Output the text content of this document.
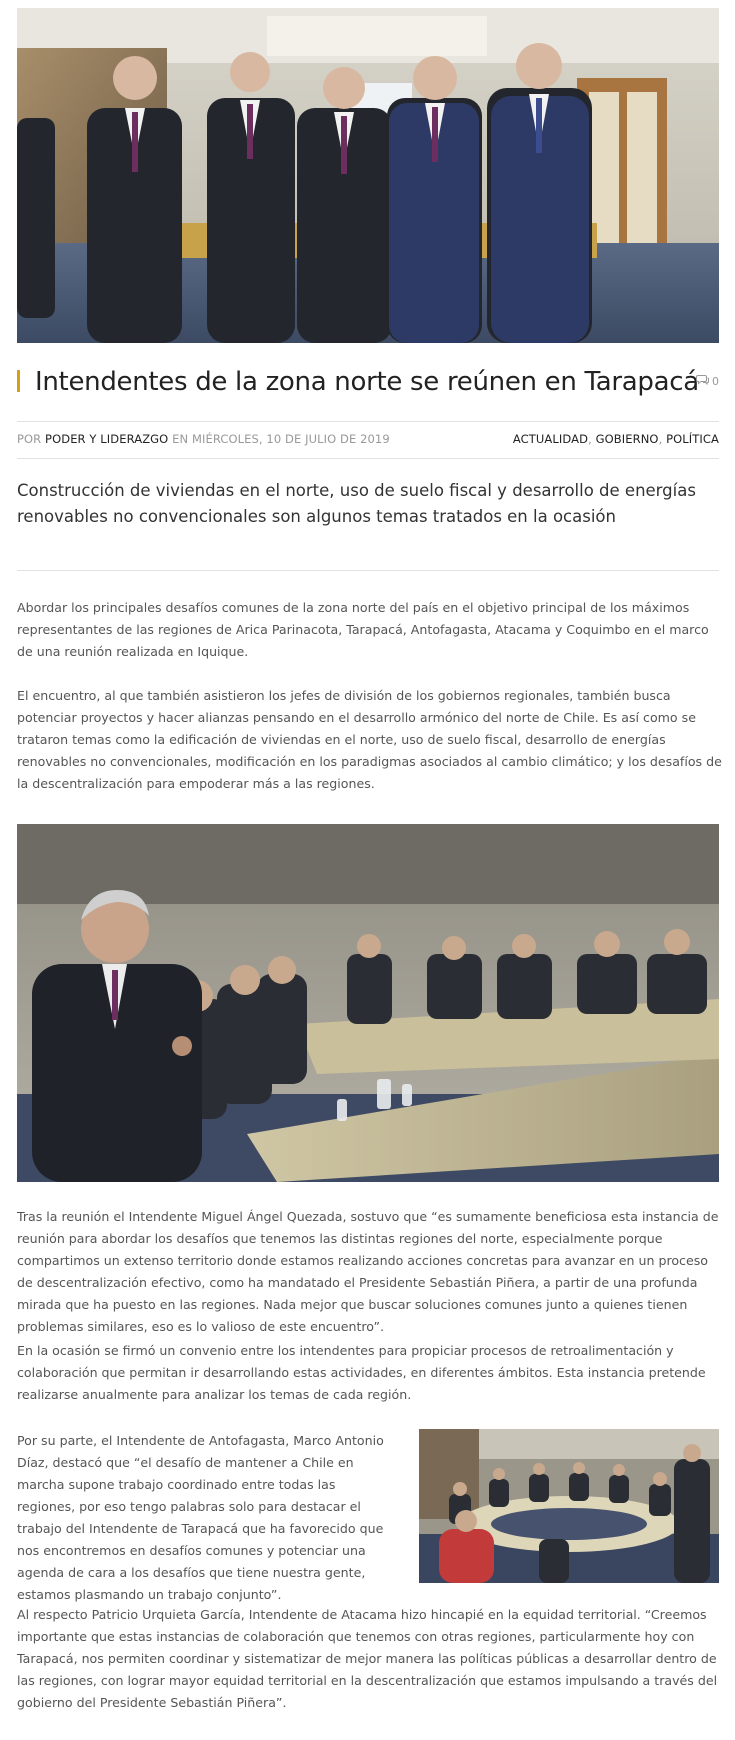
Intendentes de la zona norte se reúnen en Tarapacá 0
POR PODER Y LIDERAZGO EN MIÉRCOLES, 10 DE JULIO DE 2019	ACTUALIDAD, GOBIERNO, POLÍTICA

Construcción de viviendas en el norte, uso de suelo fiscal y desarrollo de energías renovables no convencionales son algunos temas tratados en la ocasión

Abordar los principales desafíos comunes de la zona norte del país en el objetivo principal de los máximos representantes de las regiones de Arica Parinacota, Tarapacá, Antofagasta, Atacama y Coquimbo en el marco de una reunión realizada en Iquique.

El encuentro, al que también asistieron los jefes de división de los gobiernos regionales, también busca potenciar proyectos y hacer alianzas pensando en el desarrollo armónico del norte de Chile. Es así como se trataron temas como la edificación de viviendas en el norte, uso de suelo fiscal, desarrollo de energías renovables no convencionales, modificación en los paradigmas asociados al cambio climático; y los desafíos de la descentralización para empoderar más a las regiones.

Tras la reunión el Intendente Miguel Ángel Quezada, sostuvo que “es sumamente beneficiosa esta instancia de reunión para abordar los desafíos que tenemos las distintas regiones del norte, especialmente porque compartimos un extenso territorio donde estamos realizando acciones concretas para avanzar en un proceso de descentralización efectivo, como ha mandatado el Presidente Sebastián Piñera, a partir de una profunda mirada que ha puesto en las regiones. Nada mejor que buscar soluciones comunes junto a quienes tienen problemas similares, eso es lo valioso de este encuentro”.

En la ocasión se firmó un convenio entre los intendentes para propiciar procesos de retroalimentación y colaboración que permitan ir desarrollando estas actividades, en diferentes ámbitos. Esta instancia pretende realizarse anualmente para analizar los temas de cada región.

Por su parte, el Intendente de Antofagasta, Marco Antonio Díaz, destacó que “el desafío de mantener a Chile en marcha supone trabajo coordinado entre todas las regiones, por eso tengo palabras solo para destacar el trabajo del Intendente de Tarapacá que ha favorecido que nos encontremos en desafíos comunes y potenciar una agenda de cara a los desafíos que tiene nuestra gente, estamos plasmando un trabajo conjunto”.

Al respecto Patricio Urquieta García, Intendente de Atacama hizo hincapié en la equidad territorial. “Creemos importante que estas instancias de colaboración que tenemos con otras regiones, particularmente hoy con Tarapacá, nos permiten coordinar y sistematizar de mejor manera las políticas públicas a desarrollar dentro de las regiones, con lograr mayor equidad territorial en la descentralización que estamos impulsando a través del gobierno del Presidente Sebastián Piñera”.
